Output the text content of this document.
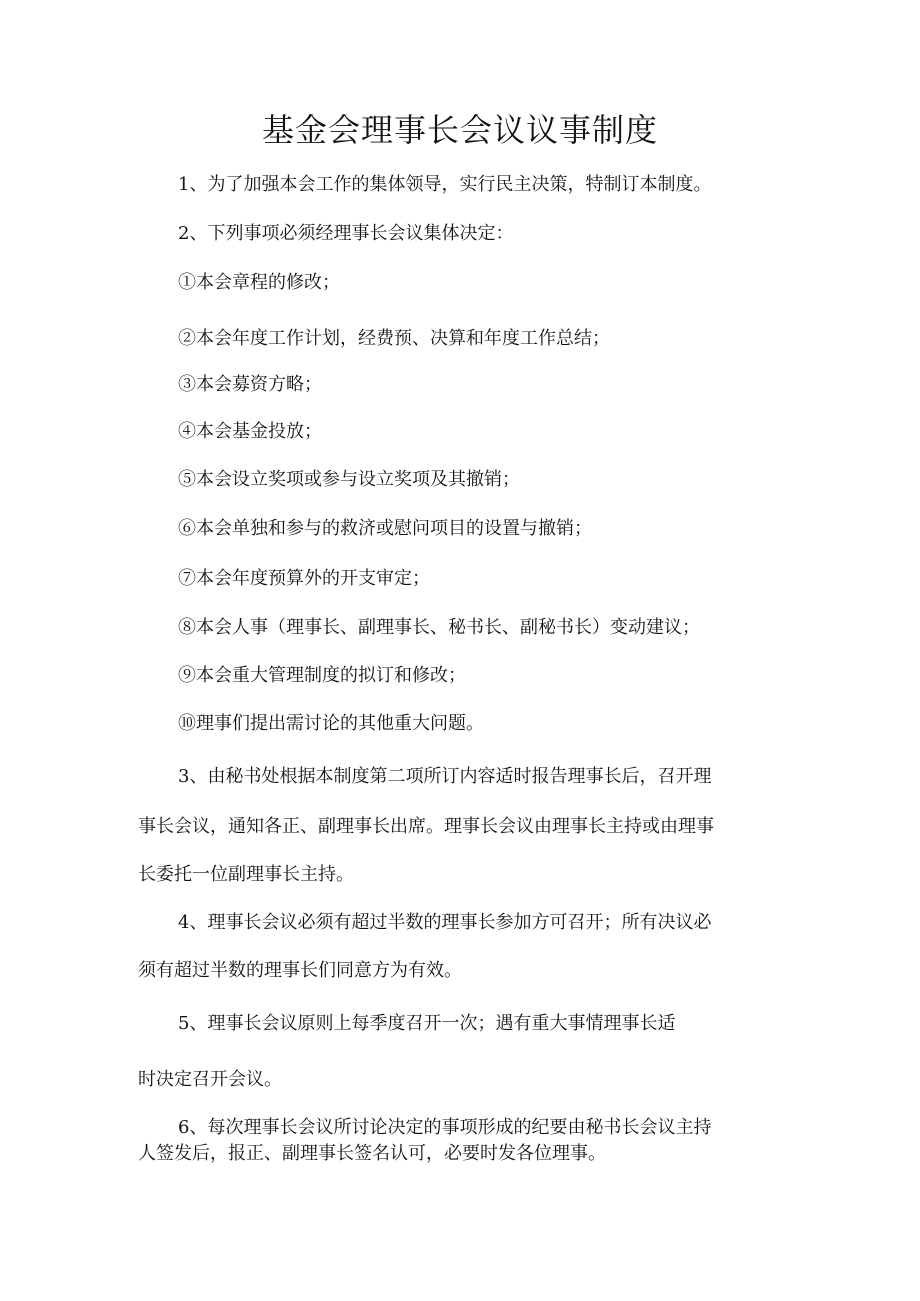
基金会理事长会议议事制度

1、为了加强本会工作的集体领导，实行民主决策，特制订本制度。

2、下列事项必须经理事长会议集体决定：

①本会章程的修改；

②本会年度工作计划，经费预、决算和年度工作总结；

③本会募资方略；

④本会基金投放；

⑤本会设立奖项或参与设立奖项及其撤销；

⑥本会单独和参与的救济或慰问项目的设置与撤销；

⑦本会年度预算外的开支审定；

⑧本会人事（理事长、副理事长、秘书长、副秘书长）变动建议；

⑨本会重大管理制度的拟订和修改；

⑩理事们提出需讨论的其他重大问题。

3、由秘书处根据本制度第二项所订内容适时报告理事长后，召开理

事长会议，通知各正、副理事长出席。理事长会议由理事长主持或由理事

长委托一位副理事长主持。

4、理事长会议必须有超过半数的理事长参加方可召开；所有决议必

须有超过半数的理事长们同意方为有效。

5、理事长会议原则上每季度召开一次；遇有重大事情理事长适

时决定召开会议。

6、每次理事长会议所讨论决定的事项形成的纪要由秘书长会议主持

人签发后，报正、副理事长签名认可，必要时发各位理事。
